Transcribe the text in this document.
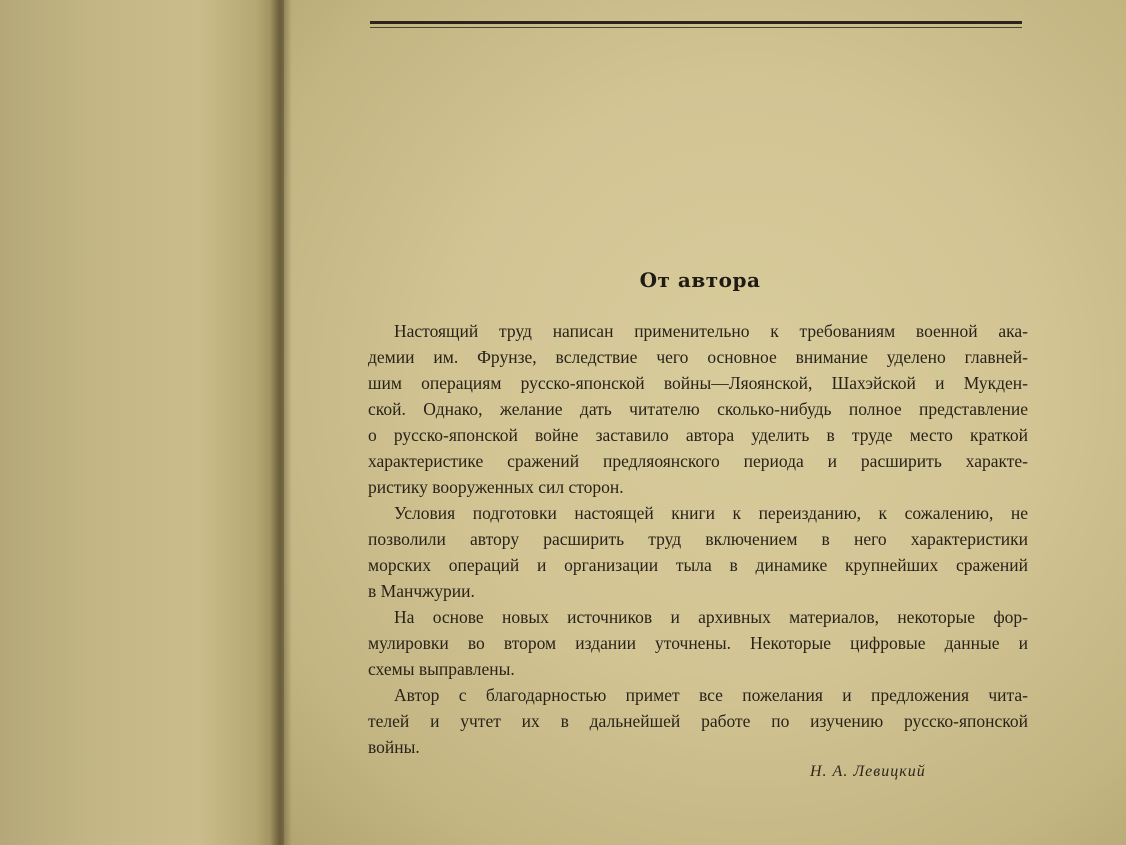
От автора
Настоящий труд написан применительно к требованиям военной ака-
демии им. Фрунзе, вследствие чего основное внимание уделено главней-
шим операциям русско-японской войны—Ляоянской, Шахэйской и Мукден-
ской. Однако, желание дать читателю сколько-нибудь полное представление
о русско-японской войне заставило автора уделить в труде место краткой
характеристике сражений предляоянского периода и расширить характе-
ристику вооруженных сил сторон.
Условия подготовки настоящей книги к переизданию, к сожалению, не
позволили автору расширить труд включением в него характеристики
морских операций и организации тыла в динамике крупнейших сражений
в Манчжурии.
На основе новых источников и архивных материалов, некоторые фор-
мулировки во втором издании уточнены. Некоторые цифровые данные и
схемы выправлены.
Автор с благодарностью примет все пожелания и предложения чита-
телей и учтет их в дальнейшей работе по изучению русско-японской
войны.
Н. А. Левицкий
